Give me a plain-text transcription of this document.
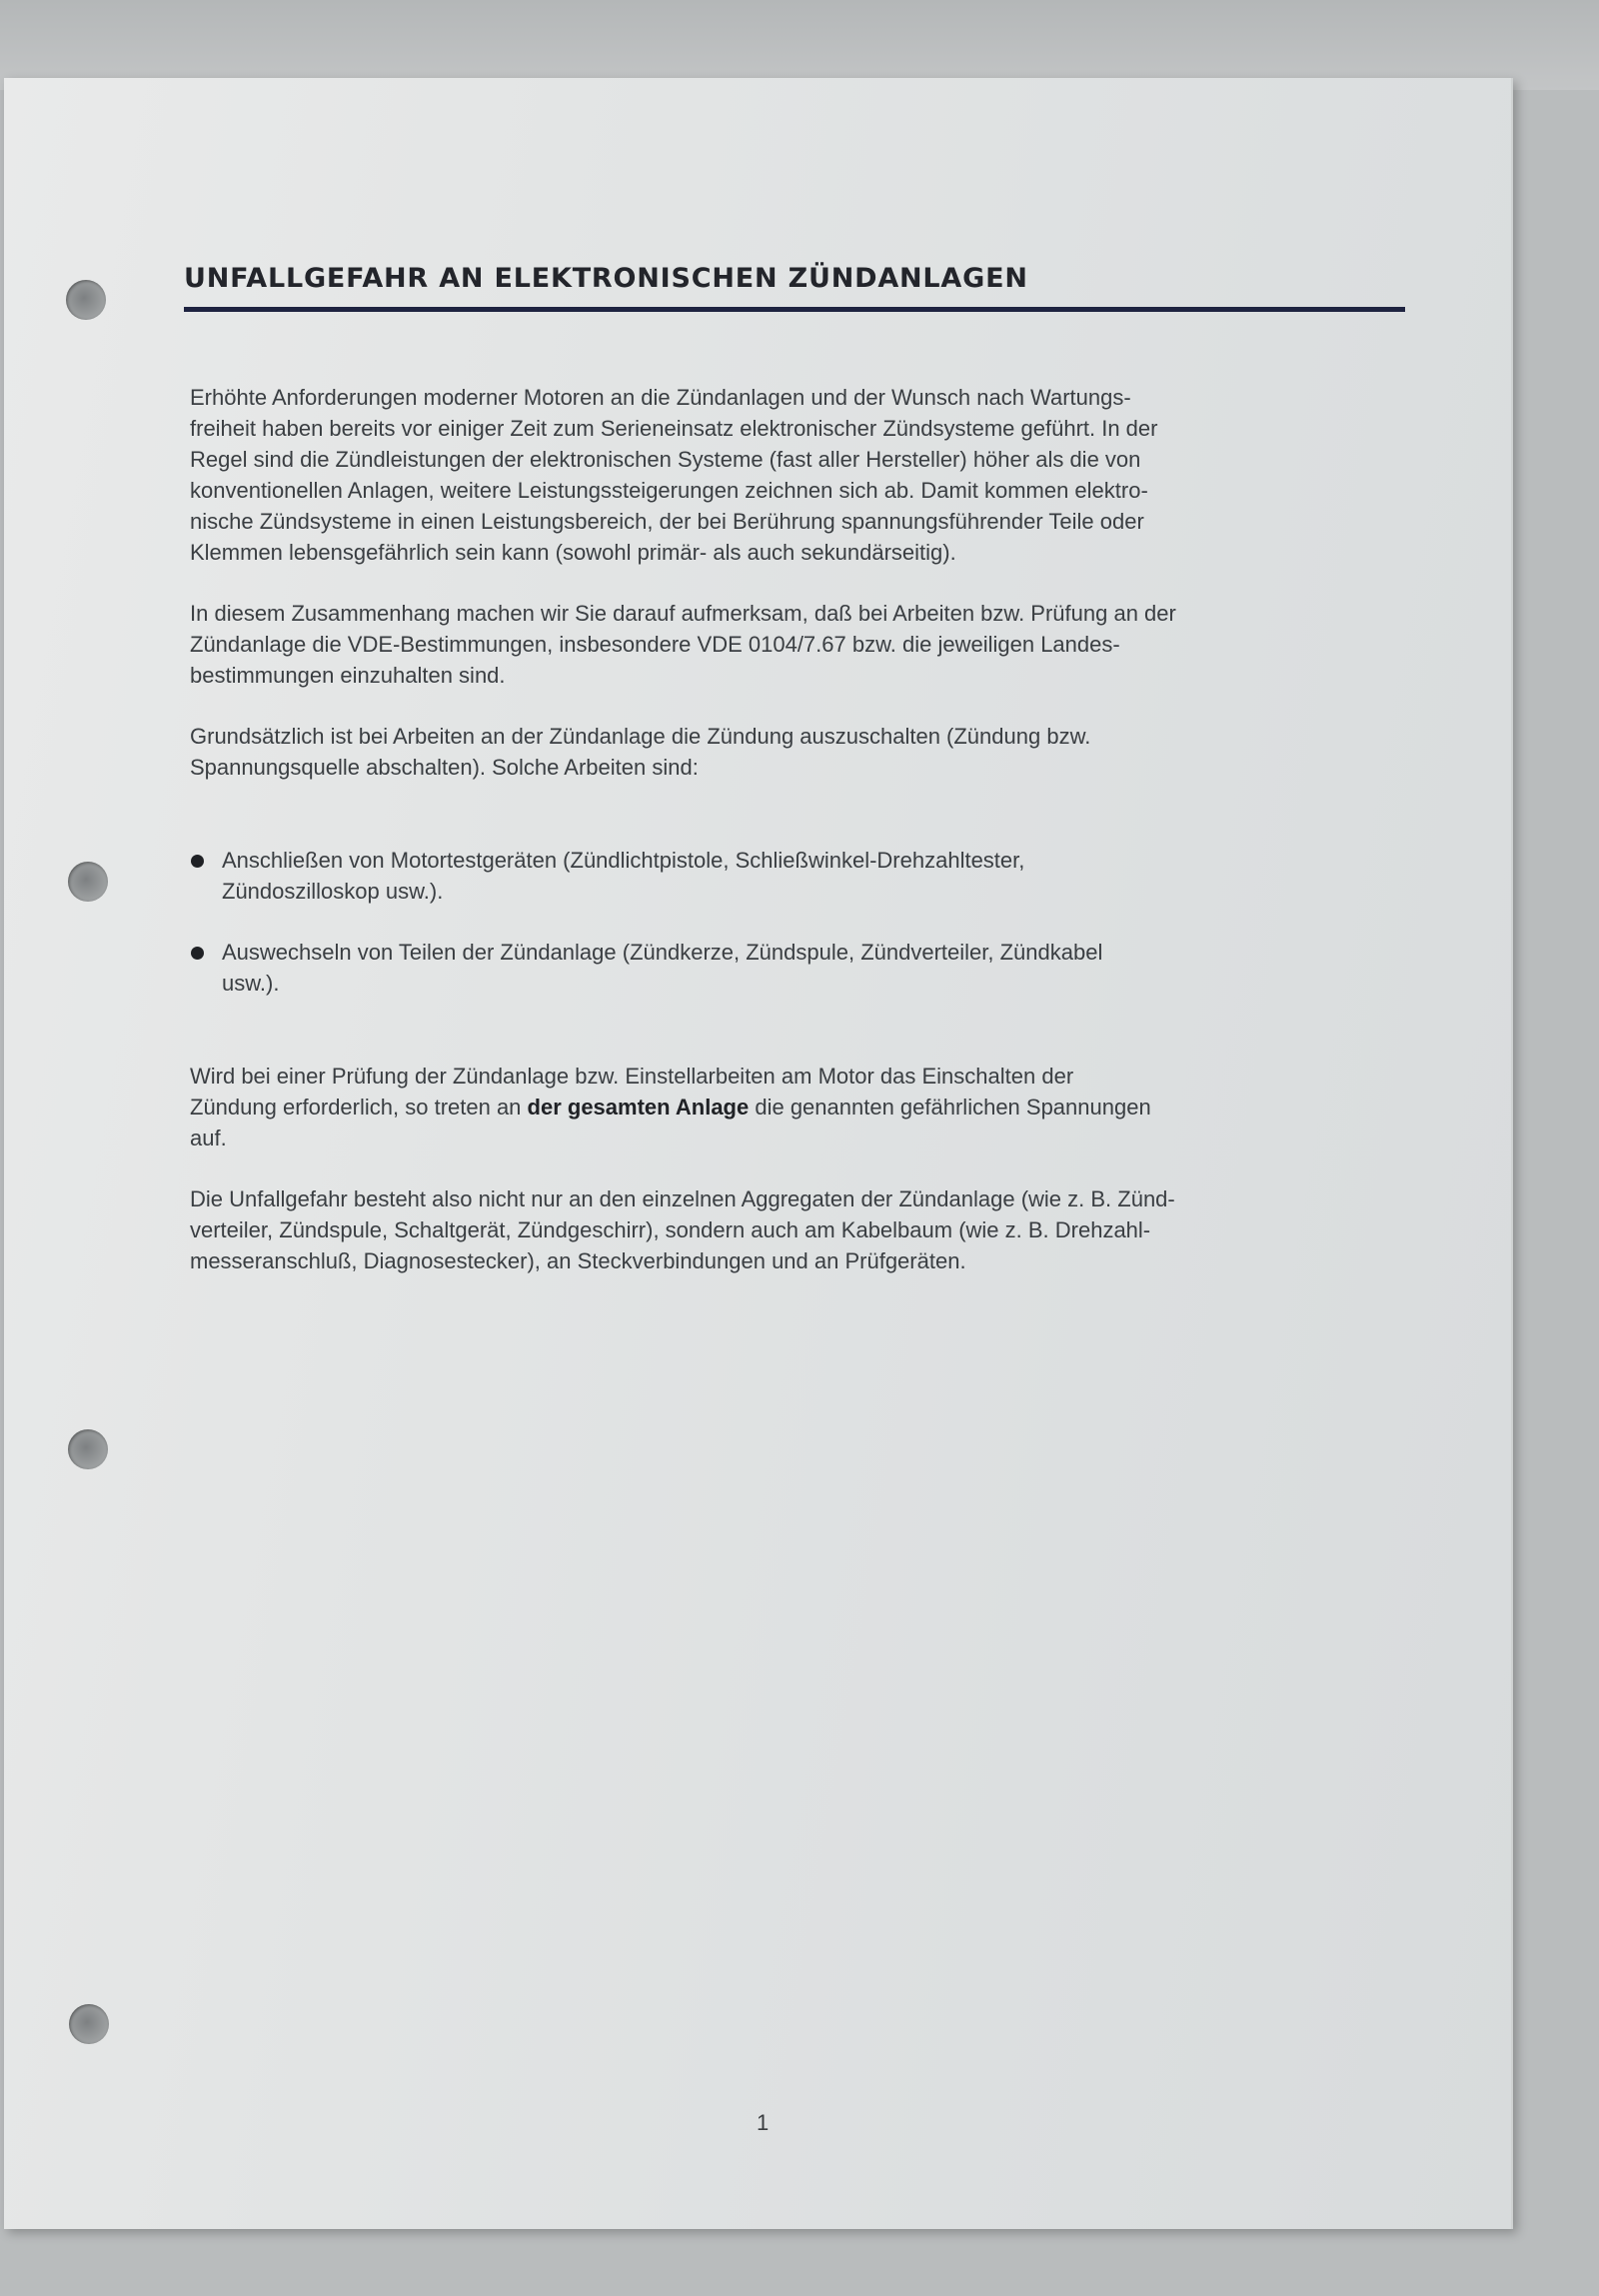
UNFALLGEFAHR AN ELEKTRONISCHEN ZÜNDANLAGEN

Erhöhte Anforderungen moderner Motoren an die Zündanlagen und der Wunsch nach Wartungs-
freiheit haben bereits vor einiger Zeit zum Serieneinsatz elektronischer Zündsysteme geführt. In der
Regel sind die Zündleistungen der elektronischen Systeme (fast aller Hersteller) höher als die von
konventionellen Anlagen, weitere Leistungssteigerungen zeichnen sich ab. Damit kommen elektro-
nische Zündsysteme in einen Leistungsbereich, der bei Berührung spannungsführender Teile oder
Klemmen lebensgefährlich sein kann (sowohl primär- als auch sekundärseitig).

In diesem Zusammenhang machen wir Sie darauf aufmerksam, daß bei Arbeiten bzw. Prüfung an der
Zündanlage die VDE-Bestimmungen, insbesondere VDE 0104/7.67 bzw. die jeweiligen Landes-
bestimmungen einzuhalten sind.

Grundsätzlich ist bei Arbeiten an der Zündanlage die Zündung auszuschalten (Zündung bzw.
Spannungsquelle abschalten). Solche Arbeiten sind:

Anschließen von Motortestgeräten (Zündlichtpistole, Schließwinkel-Drehzahltester,
Zündoszilloskop usw.).

Auswechseln von Teilen der Zündanlage (Zündkerze, Zündspule, Zündverteiler, Zündkabel
usw.).

Wird bei einer Prüfung der Zündanlage bzw. Einstellarbeiten am Motor das Einschalten der
Zündung erforderlich, so treten an der gesamten Anlage die genannten gefährlichen Spannungen
auf.

Die Unfallgefahr besteht also nicht nur an den einzelnen Aggregaten der Zündanlage (wie z. B. Zünd-
verteiler, Zündspule, Schaltgerät, Zündgeschirr), sondern auch am Kabelbaum (wie z. B. Drehzahl-
messeranschluß, Diagnosestecker), an Steckverbindungen und an Prüfgeräten.

1
